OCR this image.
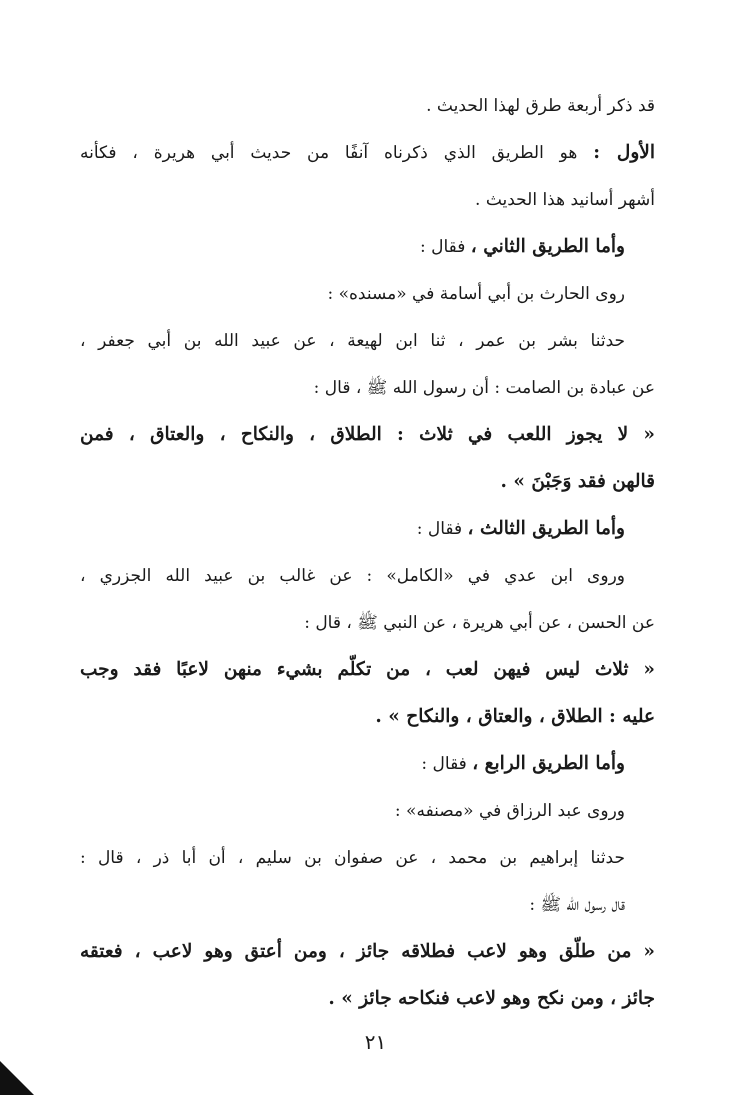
قد ذكر أربعة طرق لهذا الحديث .
الأول : هو الطريق الذي ذكرناه آنفًا من حديث أبي هريرة ، فكأنه
أشهر أسانيد هذا الحديث .
وأما الطريق الثاني ، فقال :
روى الحارث بن أبي أسامة في «مسنده» :
حدثنا بشر بن عمر ، ثنا ابن لهيعة ، عن عبيد الله بن أبي جعفر ،
عن عبادة بن الصامت : أن رسول الله ﷺ ، قال :
« لا يجوز اللعب في ثلاث : الطلاق ، والنكاح ، والعتاق ، فمن
قالهن فقد وَجَبْنَ » .
وأما الطريق الثالث ، فقال :
وروى ابن عدي في «الكامل» : عن غالب بن عبيد الله الجزري ،
عن الحسن ، عن أبي هريرة ، عن النبي ﷺ ، قال :
« ثلاث ليس فيهن لعب ، من تكلّم بشيء منهن لاعبًا فقد وجب
عليه : الطلاق ، والعتاق ، والنكاح » .
وأما الطريق الرابع ، فقال :
وروى عبد الرزاق في «مصنفه» :
حدثنا إبراهيم بن محمد ، عن صفوان بن سليم ، أن أبا ذر ، قال :
قال رسول الله ﷺ :
« من طلّق وهو لاعب فطلاقه جائز ، ومن أعتق وهو لاعب ، فعتقه
جائز ، ومن نكح وهو لاعب فنكاحه جائز » .
٢١
